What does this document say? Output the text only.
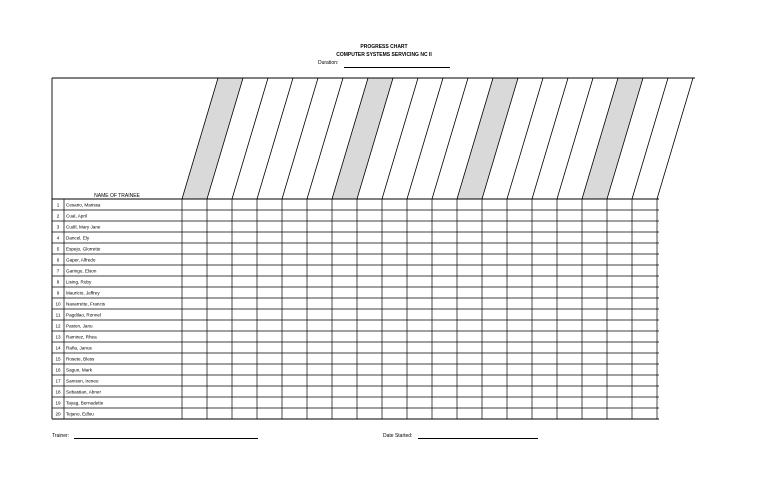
PROGRESS CHART
COMPUTER SYSTEMS SERVICING NC II
Duration:
NAME OF TRAINEE
1 Cesario, Marissa
2 Cual, April
3 Cudil, Mary Jane
4 Dancel, Ely
5 Espejo, Glorrette
6 Gaper, Alfredo
7 Garingo, Elson
8 Lising, Ruby
9 Mauricio, Jeffrey
10 Navarrette, Francis
11 Pagdilao, Ronnel
12 Pasion, Janu
13 Ramirez, Rhea
14 Raña, Janus
15 Rosete, Bless
16 Sagun, Mark
17 Samson, Ireneo
18 Sebastian, Abner
19 Tayag, Bernadette
20 Tejano, Edlou
Trainer:	Date Started:
